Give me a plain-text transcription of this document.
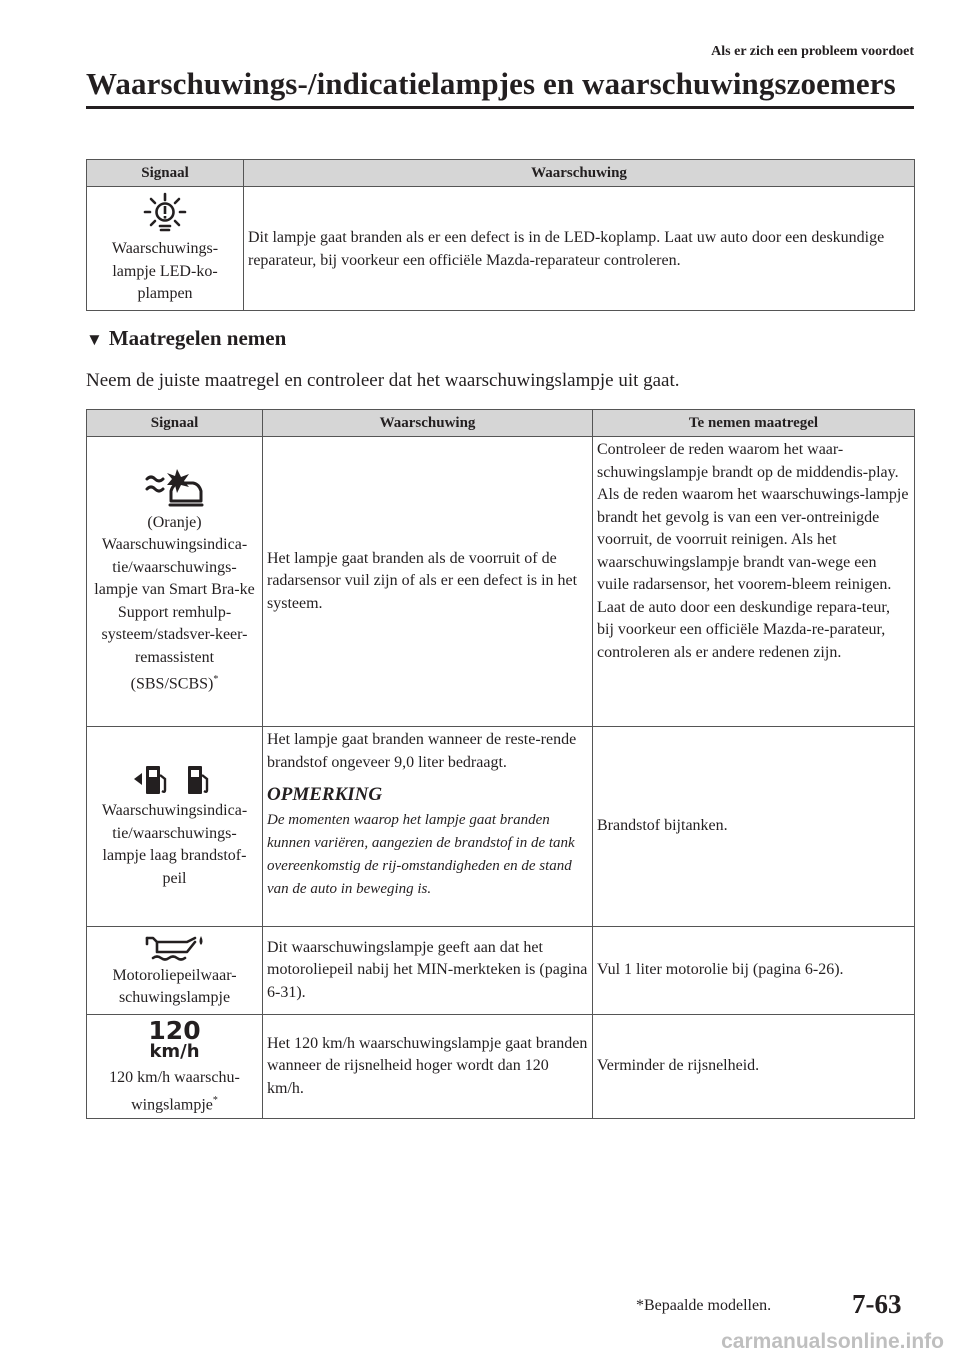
Als er zich een probleem voordoet
Waarschuwings-/indicatielampjes en waarschuwingszoemers
Signaal	Waarschuwing

Waarschuwings-lampje LED-ko-plampen	Dit lampje gaat branden als er een defect is in de LED-koplamp. Laat uw auto door een deskundige reparateur, bij voorkeur een officiële Mazda-reparateur controleren.
▼ Maatregelen nemen
Neem de juiste maatregel en controleer dat het waarschuwingslampje uit gaat.
Signaal	Waarschuwing	Te nemen maatregel

(Oranje)
Waarschuwingsindica-tie/waarschuwings-lampje van Smart Bra-ke Support remhulp-systeem/stadsver-keer-remassistent (SBS/SCBS)*	Het lampje gaat branden als de voorruit of de radarsensor vuil zijn of als er een defect is in het systeem.	Controleer de reden waarom het waar-schuwingslampje brandt op de middendis-play. Als de reden waarom het waarschuwings-lampje brandt het gevolg is van een ver-ontreinigde voorruit, de voorruit reinigen. Als het waarschuwingslampje brandt van-wege een vuile radarsensor, het voorem-bleem reinigen. Laat de auto door een deskundige repara-teur, bij voorkeur een officiële Mazda-re-parateur, controleren als er andere redenen zijn.

Waarschuwingsindica-tie/waarschuwings-lampje laag brandstof-peil	Het lampje gaat branden wanneer de reste-rende brandstof ongeveer 9,0 liter bedraagt.
OPMERKING
De momenten waarop het lampje gaat branden kunnen variëren, aangezien de brandstof in de tank overeenkomstig de rij-omstandigheden en de stand van de auto in beweging is.	Brandstof bijtanken.

Motoroliepeilwaar-schuwingslampje	Dit waarschuwingslampje geeft aan dat het motoroliepeil nabij het MIN-merkteken is (pagina 6-31).	Vul 1 liter motorolie bij (pagina 6-26).

120
km/h
120 km/h waarschu-wingslampje*	Het 120 km/h waarschuwingslampje gaat branden wanneer de rijsnelheid hoger wordt dan 120 km/h.	Verminder de rijsnelheid.
*Bepaalde modellen.	7-63
carmanualsonline.info
